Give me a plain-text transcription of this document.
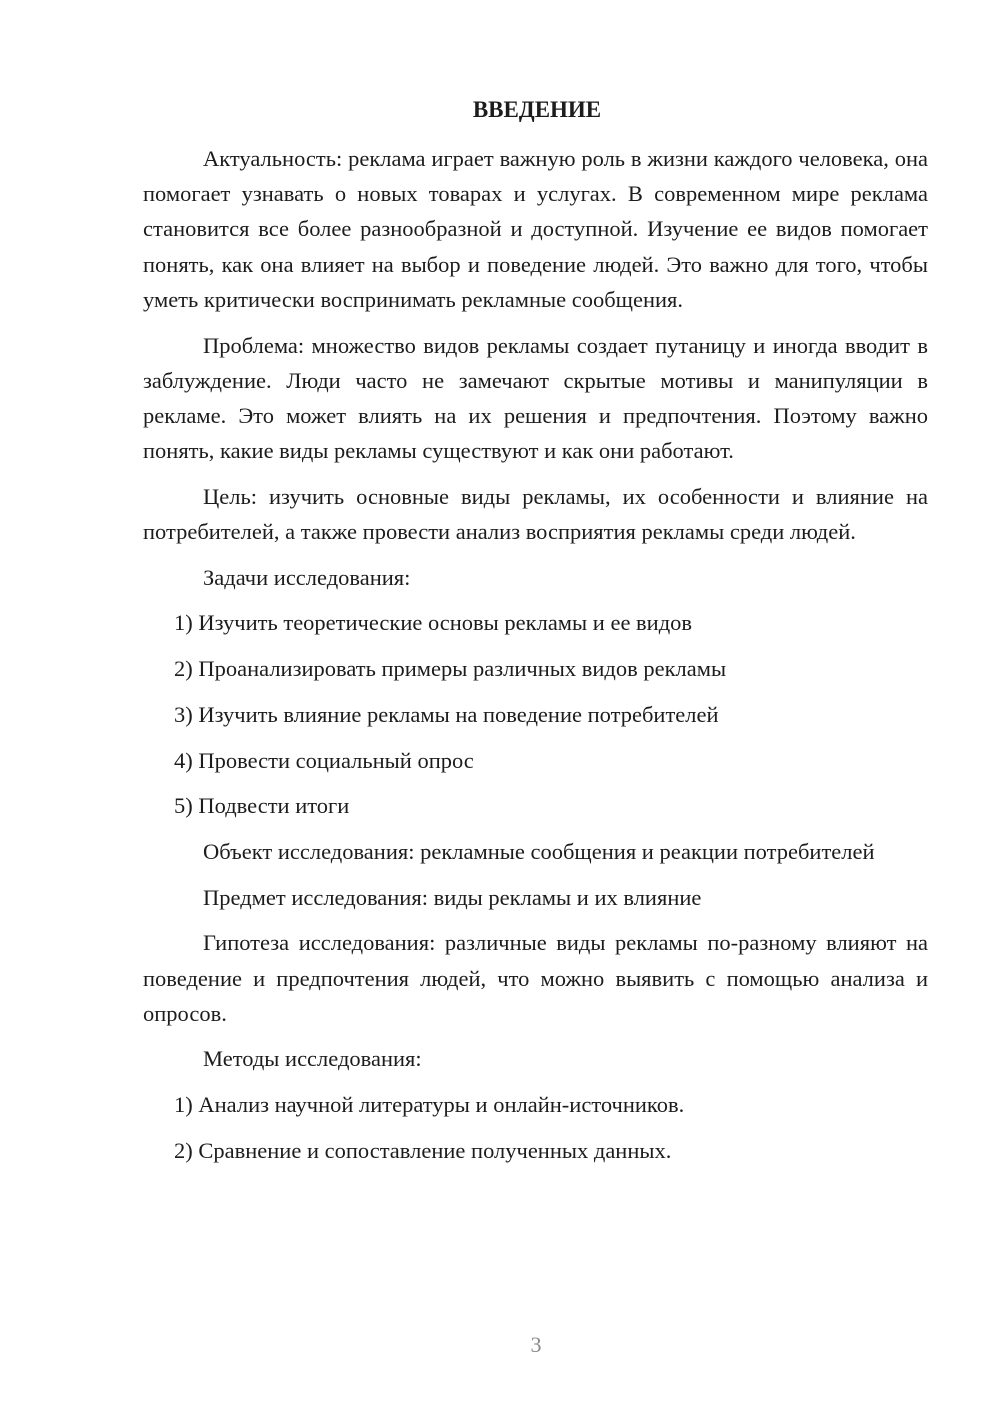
ВВЕДЕНИЕ

Актуальность: реклама играет важную роль в жизни каждого человека, она помогает узнавать о новых товарах и услугах. В современном мире реклама становится все более разнообразной и доступной. Изучение ее видов помогает понять, как она влияет на выбор и поведение людей. Это важно для того, чтобы уметь критически воспринимать рекламные сообщения.

Проблема: множество видов рекламы создает путаницу и иногда вводит в заблуждение. Люди часто не замечают скрытые мотивы и манипуляции в рекламе. Это может влиять на их решения и предпочтения. Поэтому важно понять, какие виды рекламы существуют и как они работают.

Цель: изучить основные виды рекламы, их особенности и влияние на потребителей, а также провести анализ восприятия рекламы среди людей.

Задачи исследования:

1) Изучить теоретические основы рекламы и ее видов

2) Проанализировать примеры различных видов рекламы

3) Изучить влияние рекламы на поведение потребителей

4) Провести социальный опрос

5) Подвести итоги

Объект исследования: рекламные сообщения и реакции потребителей

Предмет исследования: виды рекламы и их влияние

Гипотеза исследования: различные виды рекламы по-разному влияют на поведение и предпочтения людей, что можно выявить с помощью анализа и опросов.

Методы исследования:

1) Анализ научной литературы и онлайн-источников.

2) Сравнение и сопоставление полученных данных.

3
